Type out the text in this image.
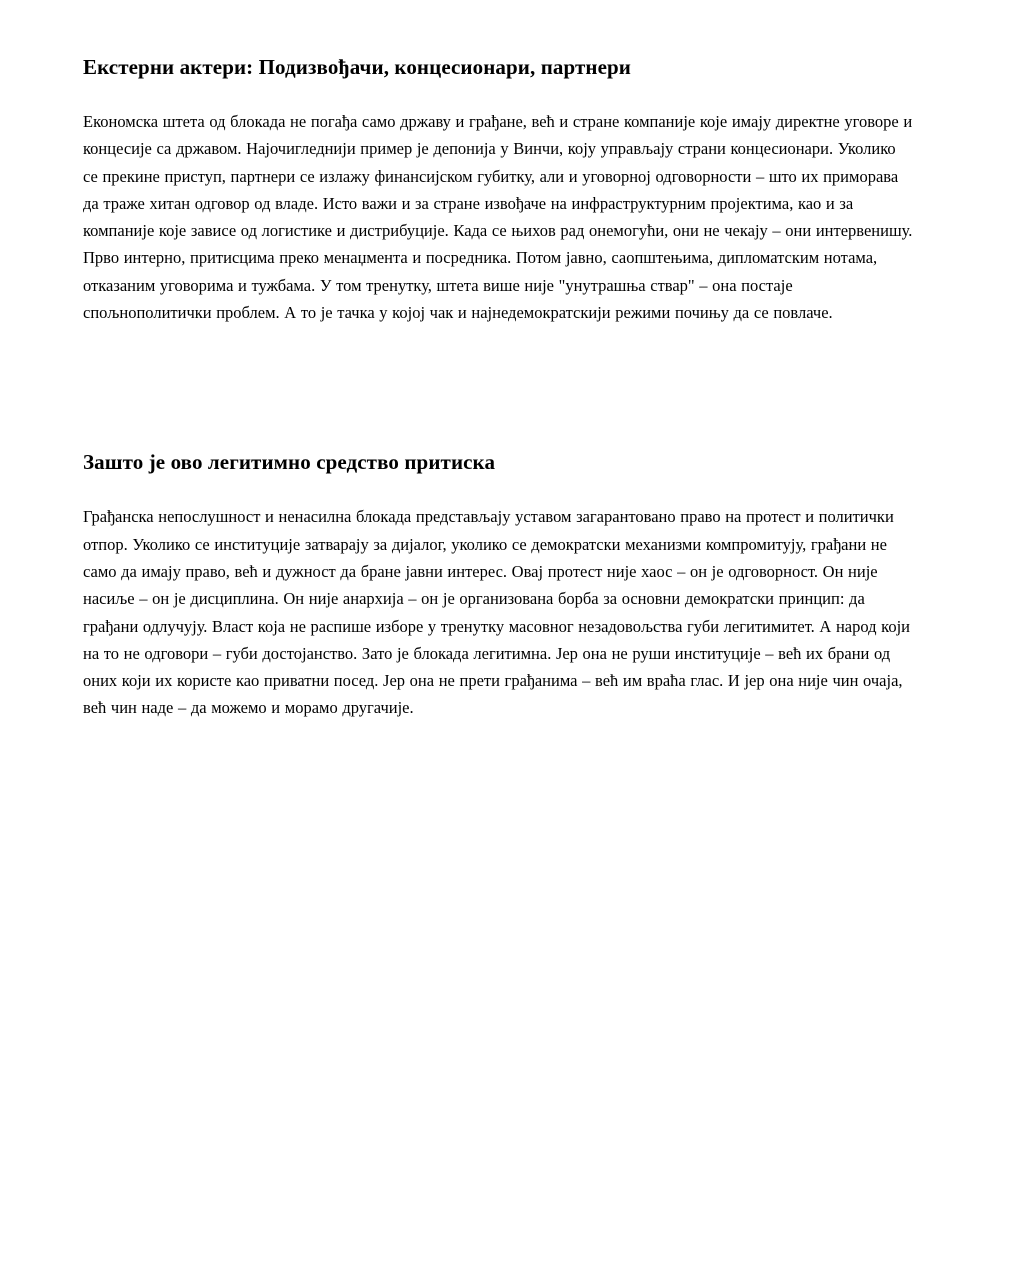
Екстерни актери: Подизвођачи, концесионари, партнери

Економска штета од блокада не погађа само државу и грађане, већ и стране компаније које имају директне уговоре и концесије са државом. Најочигледнији пример је депонија у Винчи, коју управљају страни концесионари. Уколико се прекине приступ, партнери се излажу финансијском губитку, али и уговорној одговорности – што их приморава да траже хитан одговор од владе. Исто важи и за стране извођаче на инфраструктурним пројектима, као и за компаније које зависе од логистике и дистрибуције. Када се њихов рад онемогући, они не чекају – они интервенишу. Прво интерно, притисцима преко менаџмента и посредника. Потом јавно, саопштењима, дипломатским нотама, отказаним уговорима и тужбама. У том тренутку, штета више није "унутрашња ствар" – она постаје спољнополитички проблем. А то је тачка у којој чак и најнедемократскији режими почињу да се повлаче.

Зашто је ово легитимно средство притиска

Грађанска непослушност и ненасилна блокада представљају уставом загарантовано право на протест и политички отпор. Уколико се институције затварају за дијалог, уколико се демократски механизми компромитују, грађани не само да имају право, већ и дужност да бране јавни интерес. Овај протест није хаос – он је одговорност. Он није насиље – он је дисциплина. Он није анархија – он је организована борба за основни демократски принцип: да грађани одлучују. Власт која не распише изборе у тренутку масовног незадовољства губи легитимитет. А народ који на то не одговори – губи достојанство. Зато је блокада легитимна. Јер она не руши институције – већ их брани од оних који их користе као приватни посед. Јер она не прети грађанима – већ им враћа глас. И јер она није чин очаја, већ чин наде – да можемо и морамо другачије.
